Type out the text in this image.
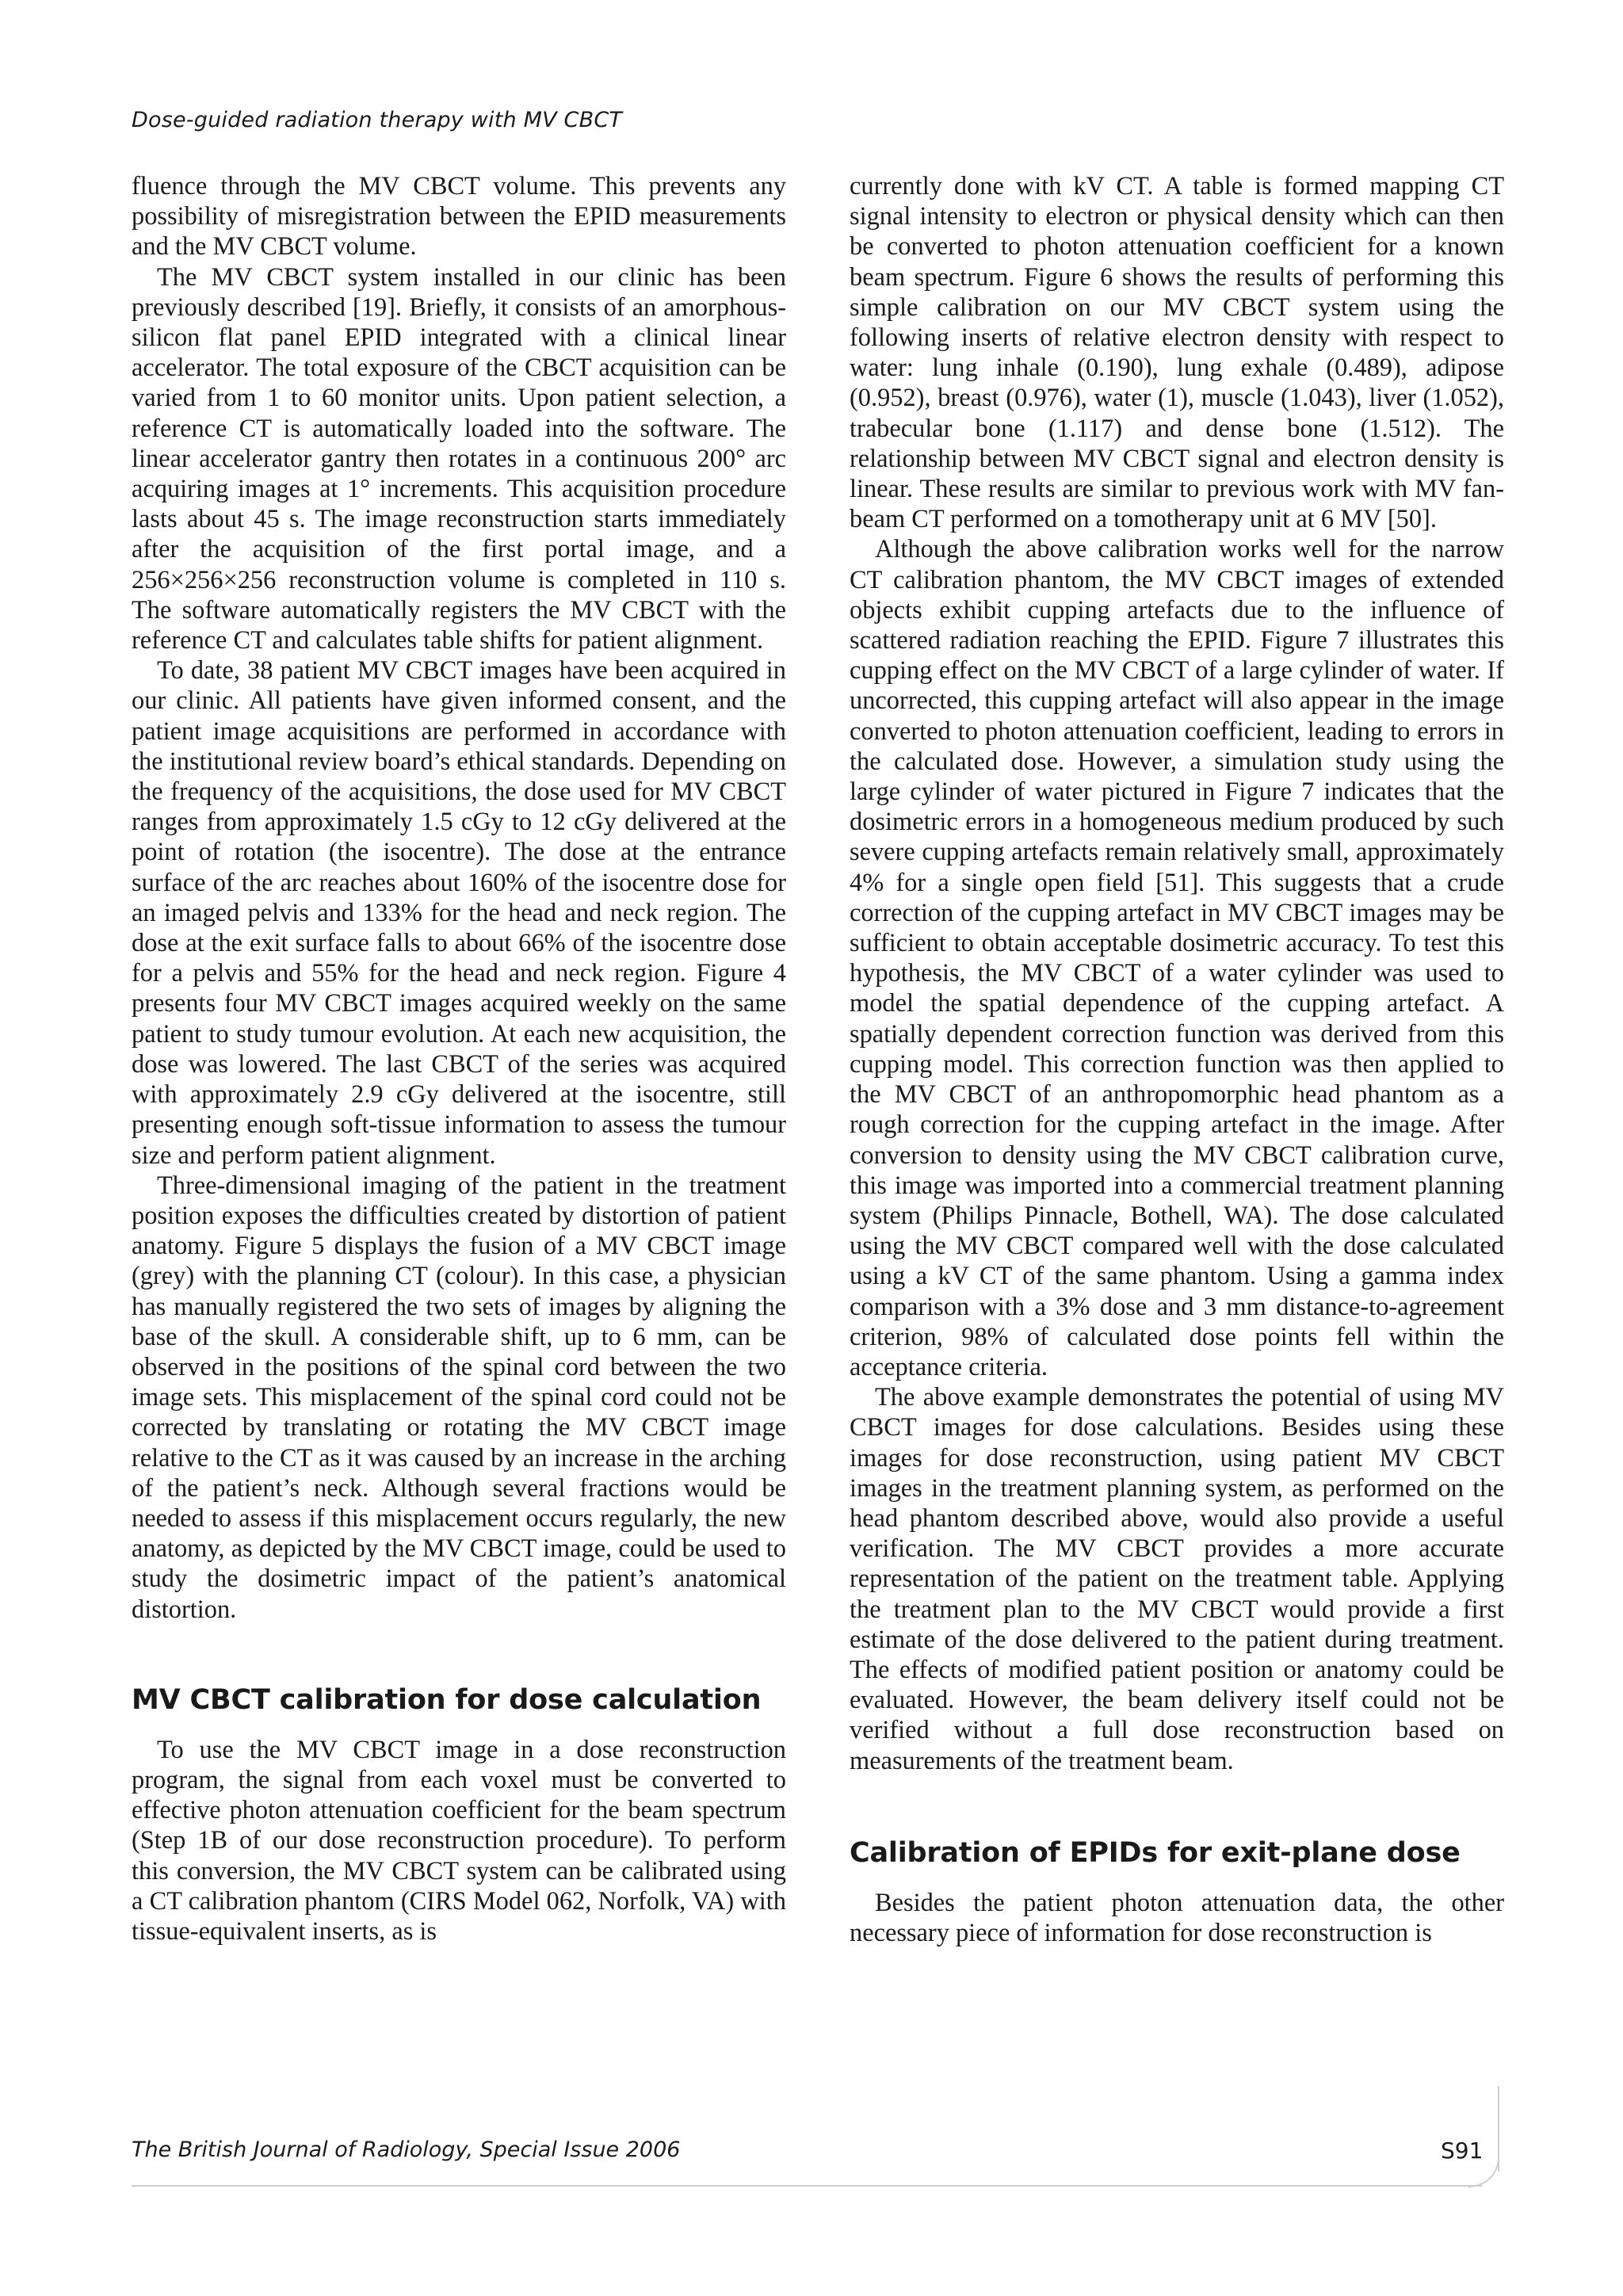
Dose-guided radiation therapy with MV CBCT

fluence through the MV CBCT volume. This prevents any possibility of misregistration between the EPID measurements and the MV CBCT volume.

The MV CBCT system installed in our clinic has been previously described [19]. Briefly, it consists of an amorphous-silicon flat panel EPID integrated with a clinical linear accelerator. The total exposure of the CBCT acquisition can be varied from 1 to 60 monitor units. Upon patient selection, a reference CT is automatically loaded into the software. The linear accelerator gantry then rotates in a continuous 200° arc acquiring images at 1° increments. This acquisition procedure lasts about 45 s. The image reconstruction starts immediately after the acquisition of the first portal image, and a 256×256×256 reconstruction volume is completed in 110 s. The software automatically registers the MV CBCT with the reference CT and calculates table shifts for patient alignment.

To date, 38 patient MV CBCT images have been acquired in our clinic. All patients have given informed consent, and the patient image acquisitions are performed in accordance with the institutional review board’s ethical standards. Depending on the frequency of the acquisitions, the dose used for MV CBCT ranges from approximately 1.5 cGy to 12 cGy delivered at the point of rotation (the isocentre). The dose at the entrance surface of the arc reaches about 160% of the isocentre dose for an imaged pelvis and 133% for the head and neck region. The dose at the exit surface falls to about 66% of the isocentre dose for a pelvis and 55% for the head and neck region. Figure 4 presents four MV CBCT images acquired weekly on the same patient to study tumour evolution. At each new acquisition, the dose was lowered. The last CBCT of the series was acquired with approximately 2.9 cGy delivered at the isocentre, still presenting enough soft-tissue information to assess the tumour size and perform patient alignment.

Three-dimensional imaging of the patient in the treatment position exposes the difficulties created by distortion of patient anatomy. Figure 5 displays the fusion of a MV CBCT image (grey) with the planning CT (colour). In this case, a physician has manually registered the two sets of images by aligning the base of the skull. A considerable shift, up to 6 mm, can be observed in the positions of the spinal cord between the two image sets. This misplacement of the spinal cord could not be corrected by translating or rotating the MV CBCT image relative to the CT as it was caused by an increase in the arching of the patient’s neck. Although several fractions would be needed to assess if this misplacement occurs regularly, the new anatomy, as depicted by the MV CBCT image, could be used to study the dosimetric impact of the patient’s anatomical distortion.

MV CBCT calibration for dose calculation

To use the MV CBCT image in a dose reconstruction program, the signal from each voxel must be converted to effective photon attenuation coefficient for the beam spectrum (Step 1B of our dose reconstruction procedure). To perform this conversion, the MV CBCT system can be calibrated using a CT calibration phantom (CIRS Model 062, Norfolk, VA) with tissue-equivalent inserts, as is

currently done with kV CT. A table is formed mapping CT signal intensity to electron or physical density which can then be converted to photon attenuation coefficient for a known beam spectrum. Figure 6 shows the results of performing this simple calibration on our MV CBCT system using the following inserts of relative electron density with respect to water: lung inhale (0.190), lung exhale (0.489), adipose (0.952), breast (0.976), water (1), muscle (1.043), liver (1.052), trabecular bone (1.117) and dense bone (1.512). The relationship between MV CBCT signal and electron density is linear. These results are similar to previous work with MV fan-beam CT performed on a tomotherapy unit at 6 MV [50].

Although the above calibration works well for the narrow CT calibration phantom, the MV CBCT images of extended objects exhibit cupping artefacts due to the influence of scattered radiation reaching the EPID. Figure 7 illustrates this cupping effect on the MV CBCT of a large cylinder of water. If uncorrected, this cupping artefact will also appear in the image converted to photon attenuation coefficient, leading to errors in the calculated dose. However, a simulation study using the large cylinder of water pictured in Figure 7 indicates that the dosimetric errors in a homogeneous medium produced by such severe cupping artefacts remain relatively small, approximately 4% for a single open field [51]. This suggests that a crude correction of the cupping artefact in MV CBCT images may be sufficient to obtain acceptable dosimetric accuracy. To test this hypothesis, the MV CBCT of a water cylinder was used to model the spatial dependence of the cupping artefact. A spatially dependent correction function was derived from this cupping model. This correction function was then applied to the MV CBCT of an anthropomorphic head phantom as a rough correction for the cupping artefact in the image. After conversion to density using the MV CBCT calibration curve, this image was imported into a commercial treatment planning system (Philips Pinnacle, Bothell, WA). The dose calculated using the MV CBCT compared well with the dose calculated using a kV CT of the same phantom. Using a gamma index comparison with a 3% dose and 3 mm distance-to-agreement criterion, 98% of calculated dose points fell within the acceptance criteria.

The above example demonstrates the potential of using MV CBCT images for dose calculations. Besides using these images for dose reconstruction, using patient MV CBCT images in the treatment planning system, as performed on the head phantom described above, would also provide a useful verification. The MV CBCT provides a more accurate representation of the patient on the treatment table. Applying the treatment plan to the MV CBCT would provide a first estimate of the dose delivered to the patient during treatment. The effects of modified patient position or anatomy could be evaluated. However, the beam delivery itself could not be verified without a full dose reconstruction based on measurements of the treatment beam.

Calibration of EPIDs for exit-plane dose

Besides the patient photon attenuation data, the other necessary piece of information for dose reconstruction is

The British Journal of Radiology, Special Issue 2006	S91
